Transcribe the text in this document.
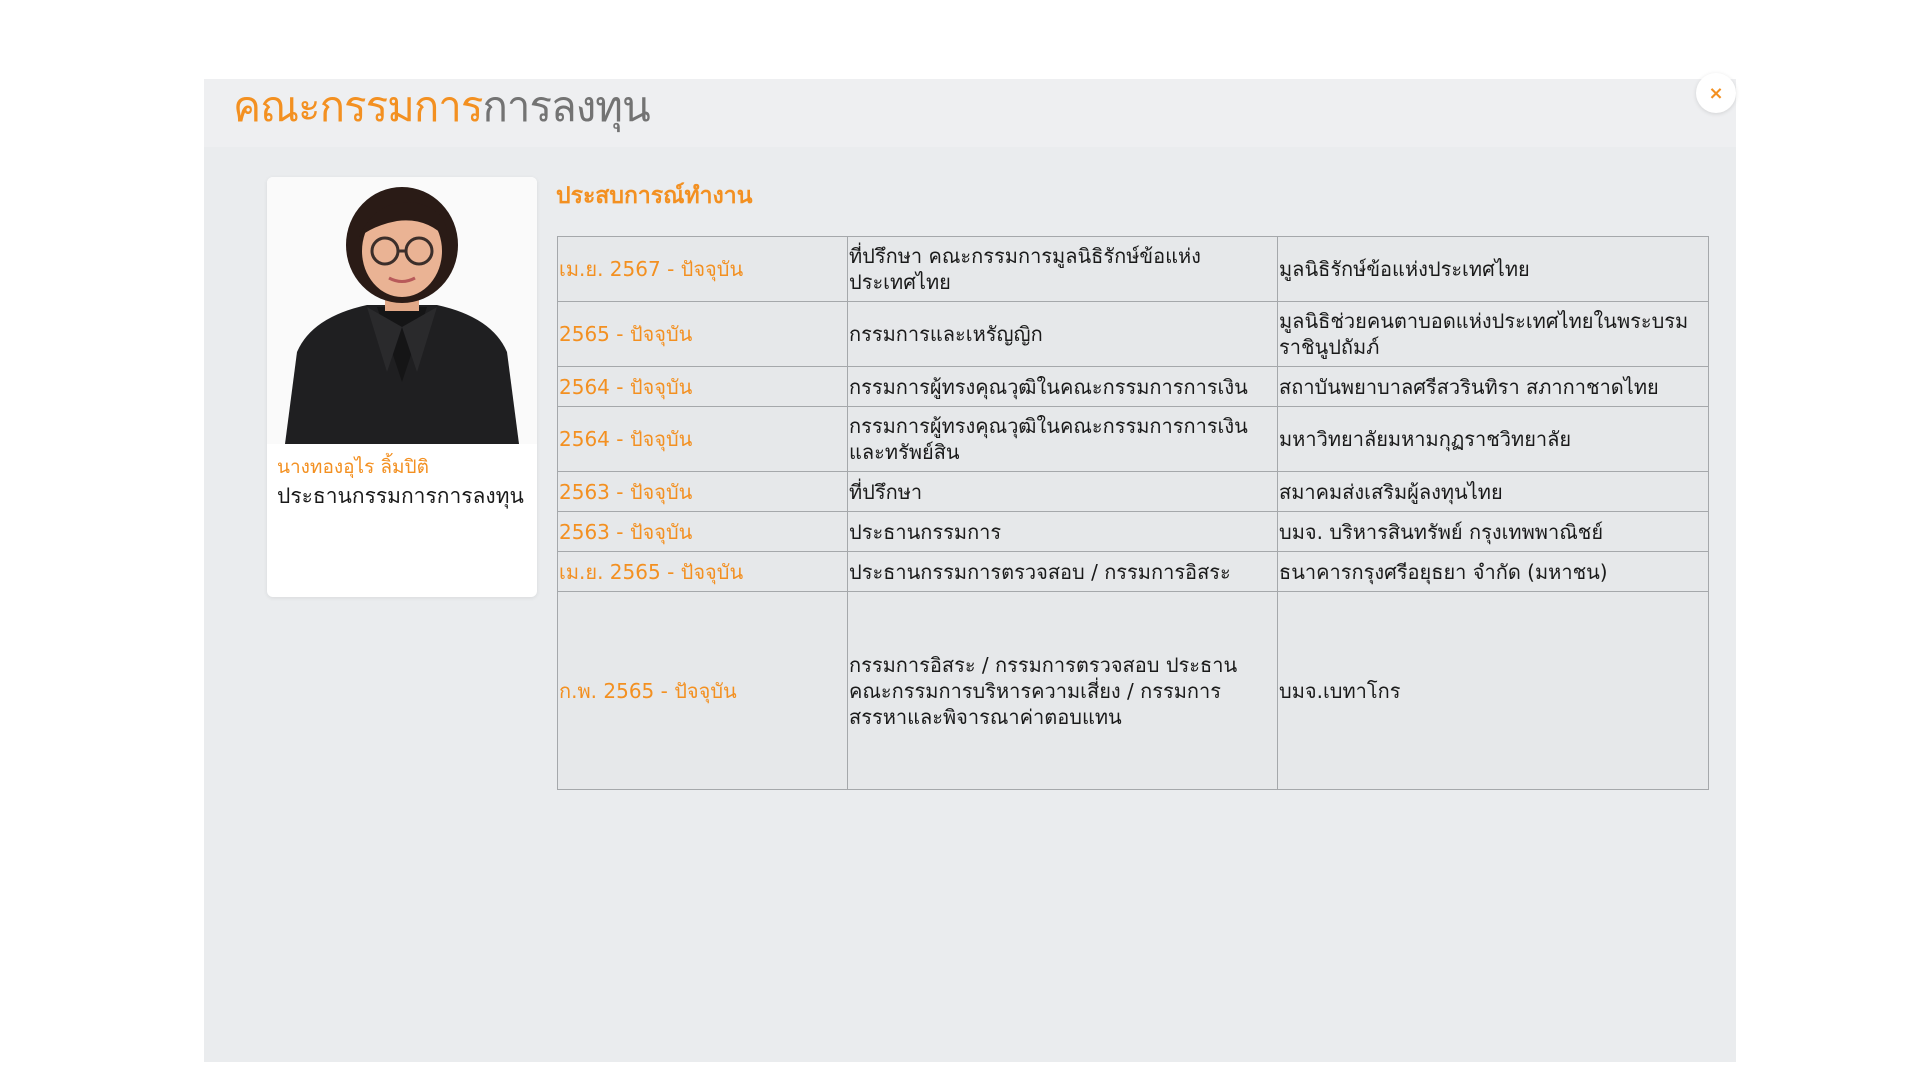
คณะกรรมการการลงทุน	×
นางทองอุไร ลิ้มปิติ
ประธานกรรมการการลงทุน
ประสบการณ์ทำงาน
เม.ย. 2567 - ปัจจุบัน	ที่ปรึกษา คณะกรรมการมูลนิธิรักษ์ข้อแห่งประเทศไทย	มูลนิธิรักษ์ข้อแห่งประเทศไทย
2565 - ปัจจุบัน	กรรมการและเหรัญญิก	มูลนิธิช่วยคนตาบอดแห่งประเทศไทยในพระบรมราชินูปถัมภ์
2564 - ปัจจุบัน	กรรมการผู้ทรงคุณวุฒิในคณะกรรมการการเงิน	สถาบันพยาบาลศรีสวรินทิรา สภากาชาดไทย
2564 - ปัจจุบัน	กรรมการผู้ทรงคุณวุฒิในคณะกรรมการการเงินและทรัพย์สิน	มหาวิทยาลัยมหามกุฏราชวิทยาลัย
2563 - ปัจจุบัน	ที่ปรึกษา	สมาคมส่งเสริมผู้ลงทุนไทย
2563 - ปัจจุบัน	ประธานกรรมการ	บมจ. บริหารสินทรัพย์ กรุงเทพพาณิชย์
เม.ย. 2565 - ปัจจุบัน	ประธานกรรมการตรวจสอบ / กรรมการอิสระ	ธนาคารกรุงศรีอยุธยา จำกัด (มหาชน)
ก.พ. 2565 - ปัจจุบัน	กรรมการอิสระ / กรรมการตรวจสอบ ประธานคณะกรรมการบริหารความเสี่ยง / กรรมการสรรหาและพิจารณาค่าตอบแทน	บมจ.เบทาโกร
